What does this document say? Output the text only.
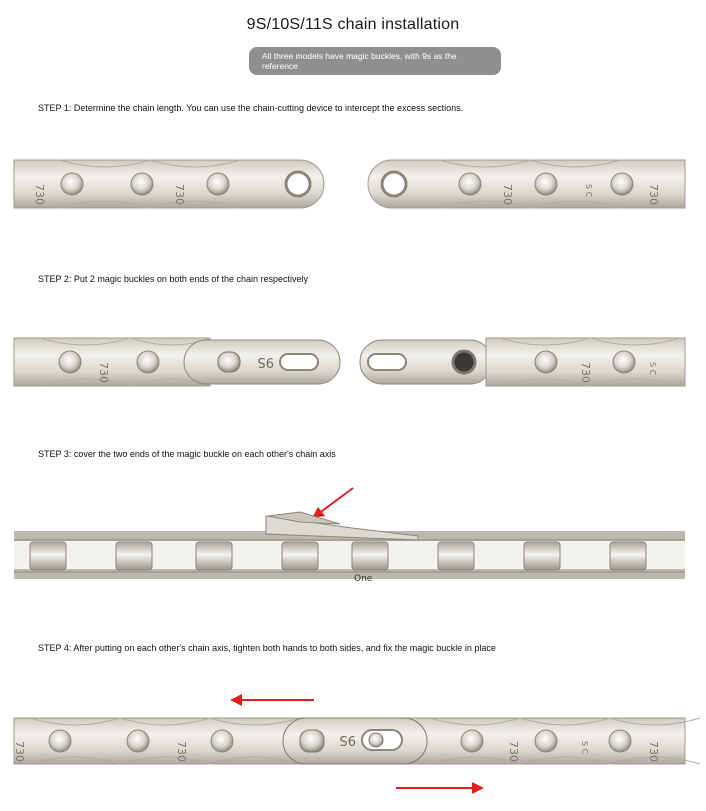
9S/10S/11S chain installation
All three models have magic buckles, with 9s as the reference
STEP 1: Determine the chain length. You can use the chain-cutting device to intercept the excess sections.
730	730	730	730
S C
STEP 2: Put 2 magic buckles on both ends of the chain respectively
730
9S
730	S C
STEP 3: cover the two ends of the magic buckle on each other's chain axis
One
STEP 4: After putting on each other's chain axis, tighten both hands to both sides, and fix the magic buckle in place
730	730	730	730
S C
9S
